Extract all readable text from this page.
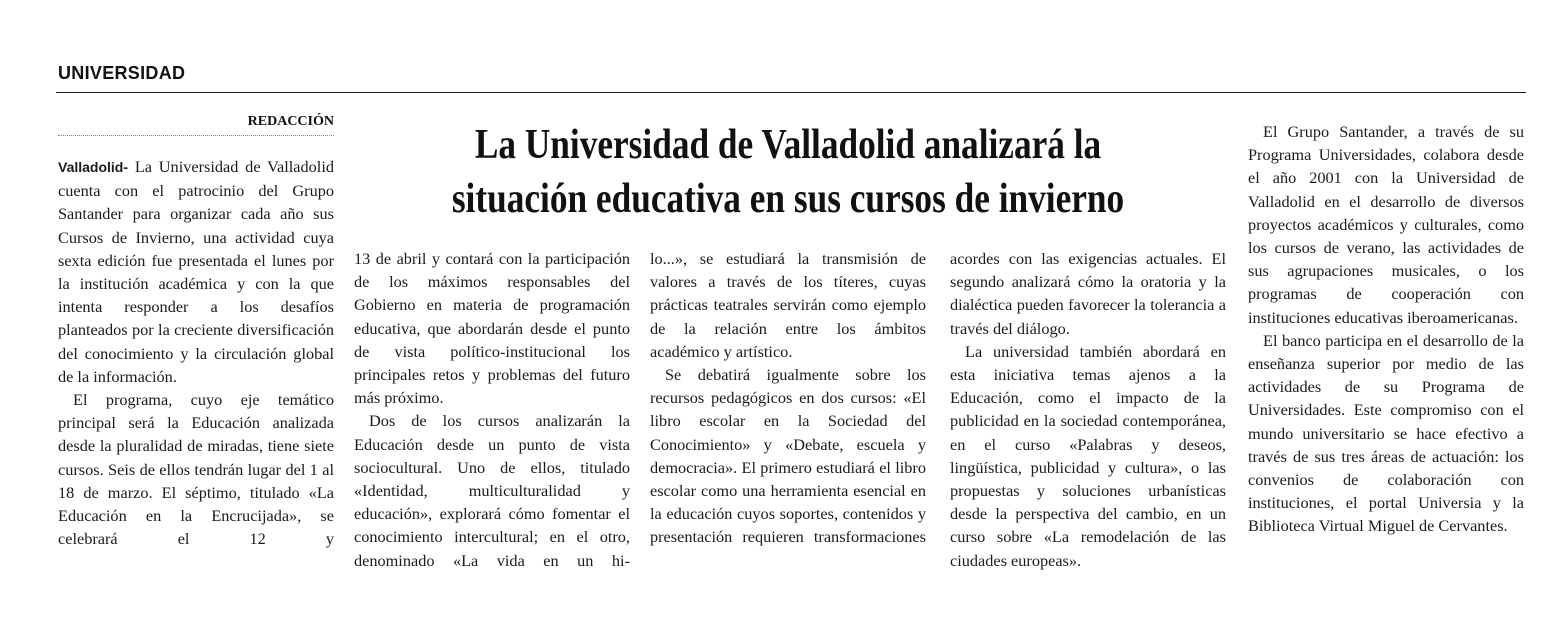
UNIVERSIDAD
REDACCIÓN
La Universidad de Valladolid analizará la situación educativa en sus cursos de invierno

Valladolid- La Universidad de Valladolid cuenta con el patrocinio del Grupo Santander para organizar cada año sus Cursos de Invierno, una actividad cuya sexta edición fue presentada el lunes por la institución académica y con la que intenta responder a los desafíos planteados por la creciente diversificación del conocimiento y la circulación global de la información.

El programa, cuyo eje temático principal será la Educación analizada desde la pluralidad de miradas, tiene siete cursos. Seis de ellos tendrán lugar del 1 al 18 de marzo. El séptimo, titulado «La Educación en la Encrucijada», se celebrará el 12 y

13 de abril y contará con la participación de los máximos responsables del Gobierno en materia de programación educativa, que abordarán desde el punto de vista político-institucional los principales retos y problemas del futuro más próximo.

Dos de los cursos analizarán la Educación desde un punto de vista sociocultural. Uno de ellos, titulado «Identidad, multiculturalidad y educación», explorará cómo fomentar el conocimiento intercultural; en el otro, denominado «La vida en un hi-

lo...», se estudiará la transmisión de valores a través de los títeres, cuyas prácticas teatrales servirán como ejemplo de la relación entre los ámbitos académico y artístico.

Se debatirá igualmente sobre los recursos pedagógicos en dos cursos: «El libro escolar en la Sociedad del Conocimiento» y «Debate, escuela y democracia». El primero estudiará el libro escolar como una herramienta esencial en la educación cuyos soportes, contenidos y presentación requieren transformaciones

acordes con las exigencias actuales. El segundo analizará cómo la oratoria y la dialéctica pueden favorecer la tolerancia a través del diálogo.

La universidad también abordará en esta iniciativa temas ajenos a la Educación, como el impacto de la publicidad en la sociedad contemporánea, en el curso «Palabras y deseos, lingüística, publicidad y cultura», o las propuestas y soluciones urbanísticas desde la perspectiva del cambio, en un curso sobre «La remodelación de las ciudades europeas».

El Grupo Santander, a través de su Programa Universidades, colabora desde el año 2001 con la Universidad de Valladolid en el desarrollo de diversos proyectos académicos y culturales, como los cursos de verano, las actividades de sus agrupaciones musicales, o los programas de cooperación con instituciones educativas iberoamericanas.

El banco participa en el desarrollo de la enseñanza superior por medio de las actividades de su Programa de Universidades. Este compromiso con el mundo universitario se hace efectivo a través de sus tres áreas de actuación: los convenios de colaboración con instituciones, el portal Universia y la Biblioteca Virtual Miguel de Cervantes.
